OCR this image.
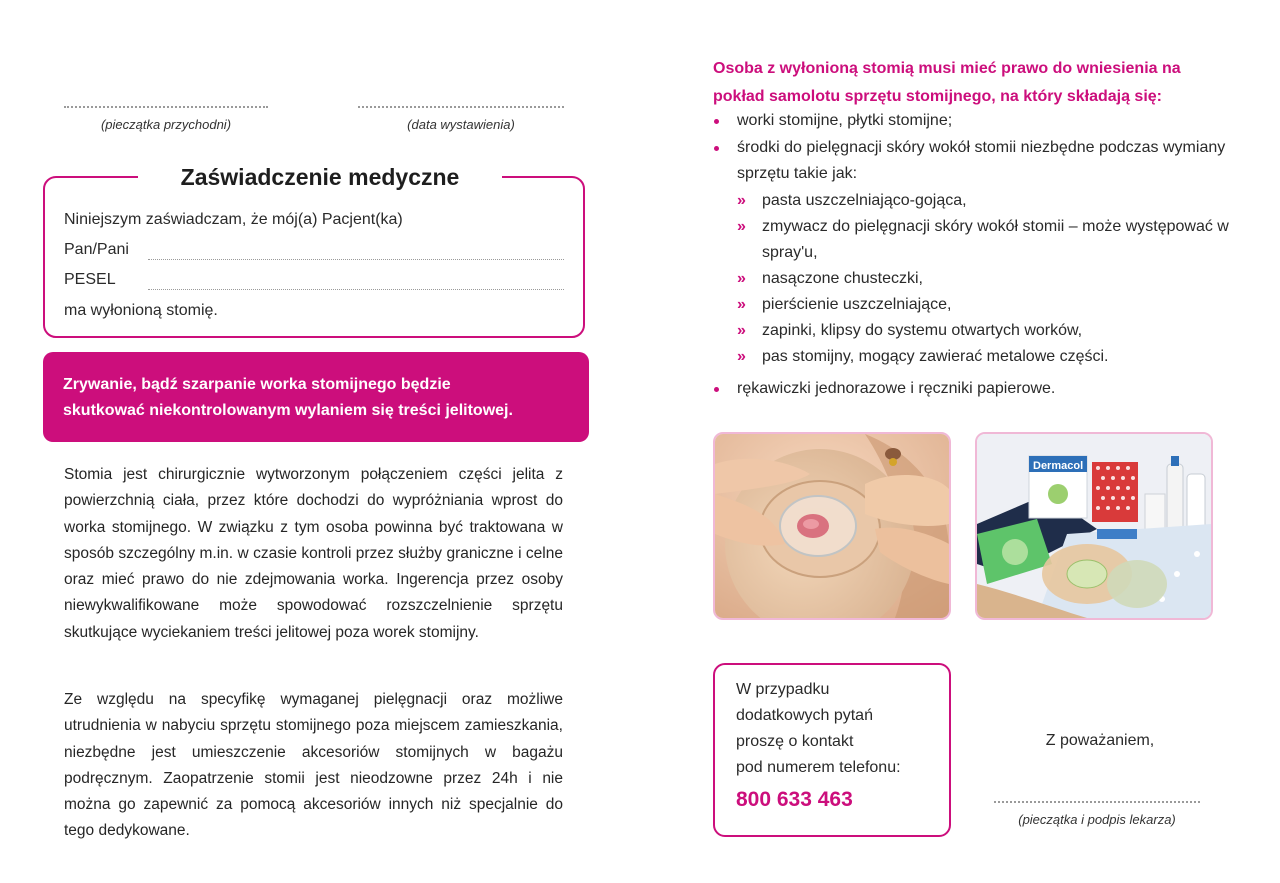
(pieczątka przychodni)	(data wystawienia)
Zaświadczenie medyczne
Niniejszym zaświadczam, że mój(a) Pacjent(ka)
Pan/Pani
PESEL
ma wyłonioną stomię.
Zrywanie, bądź szarpanie worka stomijnego będzie
skutkować niekontrolowanym wylaniem się treści jelitowej.
Stomia jest chirurgicznie wytworzonym połączeniem części jelita z powierzchnią ciała, przez które dochodzi do wypróżniania wprost do worka stomijnego. W związku z tym osoba powinna być traktowana w sposób szczególny m.in. w czasie kontroli przez służby graniczne i celne oraz mieć prawo do nie zdejmowania worka. Ingerencja przez osoby niewykwalifikowane może spowodować rozszczelnienie sprzętu skutkujące wyciekaniem treści jelitowej poza worek stomijny.
Ze względu na specyfikę wymaganej pielęgnacji oraz możliwe utrudnienia w nabyciu sprzętu stomijnego poza miejscem zamieszkania, niezbędne jest umieszczenie akcesoriów stomijnych w bagażu podręcznym. Zaopatrzenie stomii jest nieodzowne przez 24h i nie można go zapewnić za pomocą akcesoriów innych niż specjalnie do tego dedykowane.
Osoba z wyłonioną stomią musi mieć prawo do wniesienia na pokład samolotu sprzętu stomijnego, na który składają się:
worki stomijne, płytki stomijne;
środki do pielęgnacji skóry wokół stomii niezbędne podczas wymiany sprzętu takie jak:
» pasta uszczelniająco-gojąca,
» zmywacz do pielęgnacji skóry wokół stomii – może występować w spray'u,
» nasączone chusteczki,
» pierścienie uszczelniające,
» zapinki, klipsy do systemu otwartych worków,
» pas stomijny, mogący zawierać metalowe części.
rękawiczki jednorazowe i ręczniki papierowe.
Dermacol
W przypadku
dodatkowych pytań
proszę o kontakt
pod numerem telefonu:
800 633 463
Z poważaniem,
(pieczątka i podpis lekarza)
